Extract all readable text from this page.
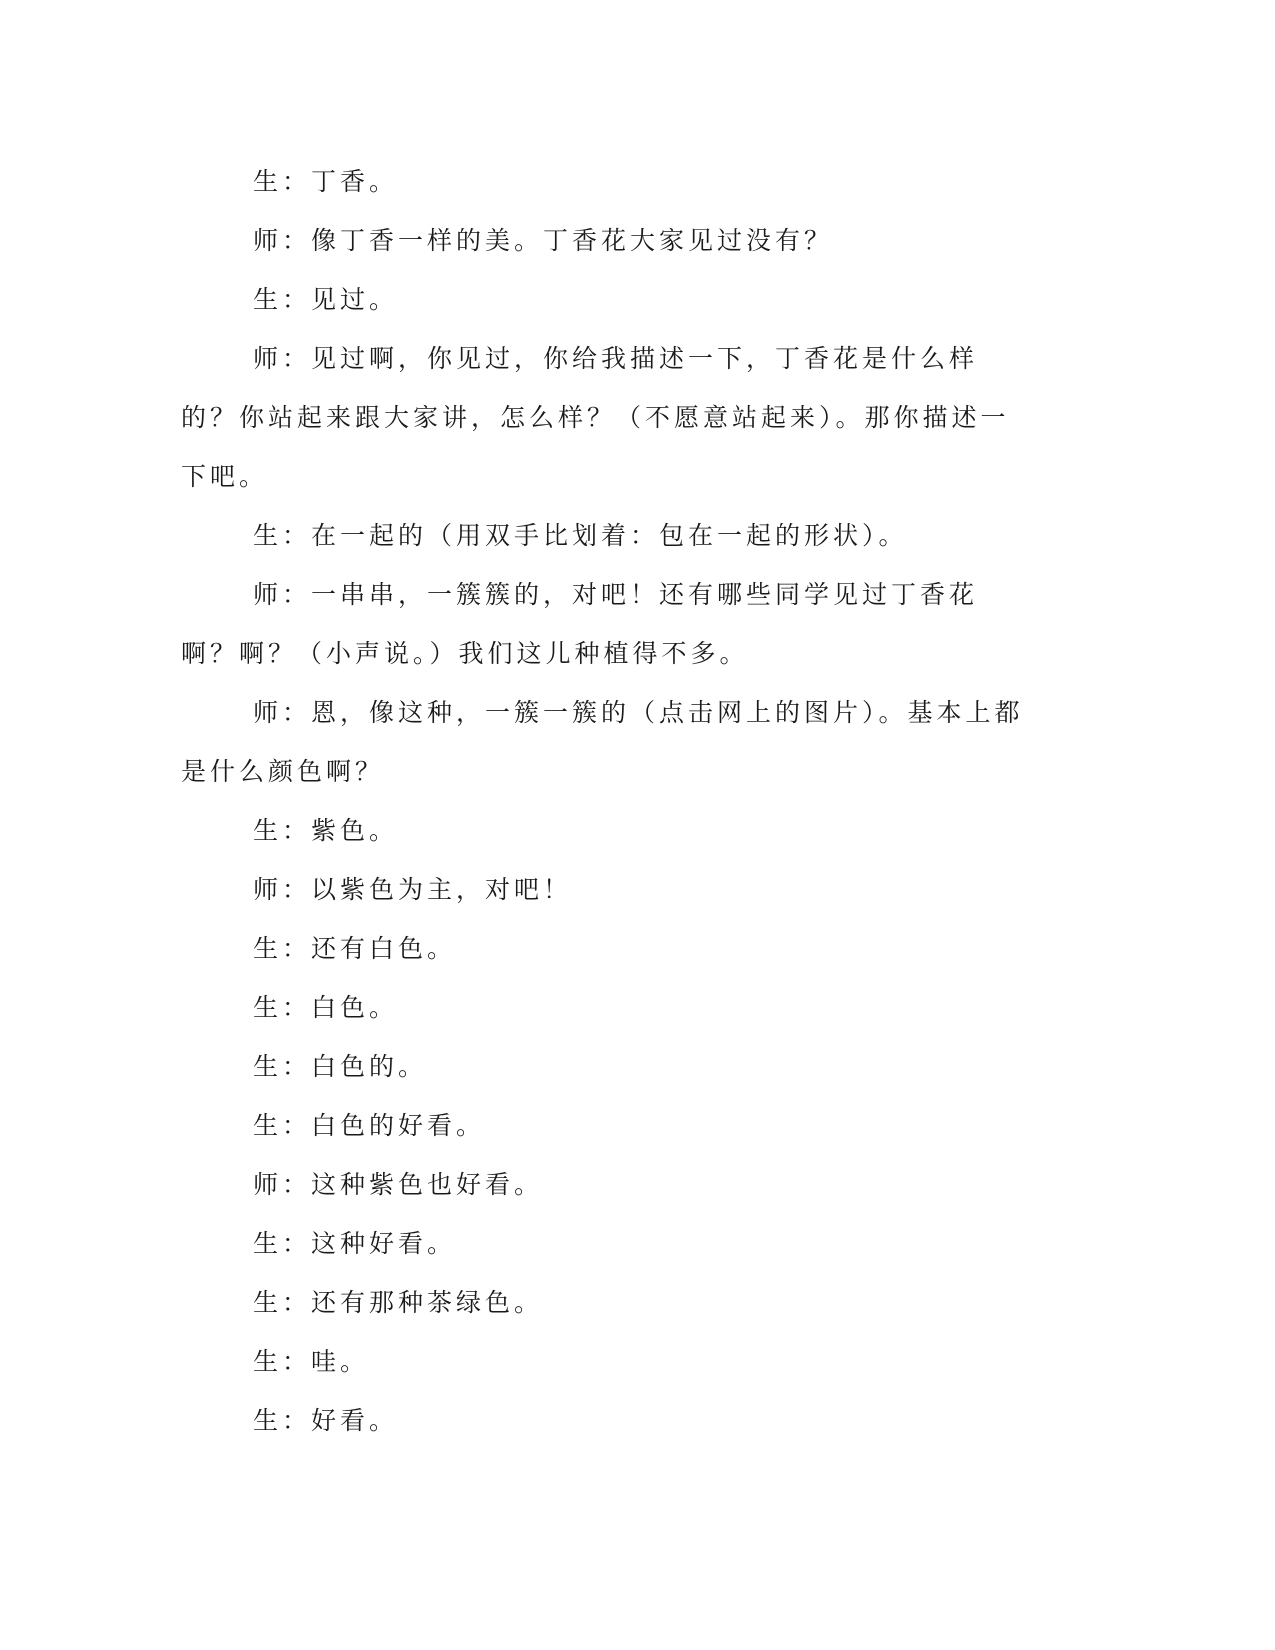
生：丁香。

师：像丁香一样的美。丁香花大家见过没有？

生：见过。

师：见过啊，你见过，你给我描述一下，丁香花是什么样的？你站起来跟大家讲，怎么样？（不愿意站起来）。那你描述一下吧。

生：在一起的（用双手比划着：包在一起的形状）。

师：一串串，一簇簇的，对吧！还有哪些同学见过丁香花啊？啊？（小声说。）我们这儿种植得不多。

师：恩，像这种，一簇一簇的（点击网上的图片）。基本上都是什么颜色啊？

生：紫色。

师：以紫色为主，对吧！

生：还有白色。

生：白色。

生：白色的。

生：白色的好看。

师：这种紫色也好看。

生：这种好看。

生：还有那种茶绿色。

生：哇。

生：好看。
